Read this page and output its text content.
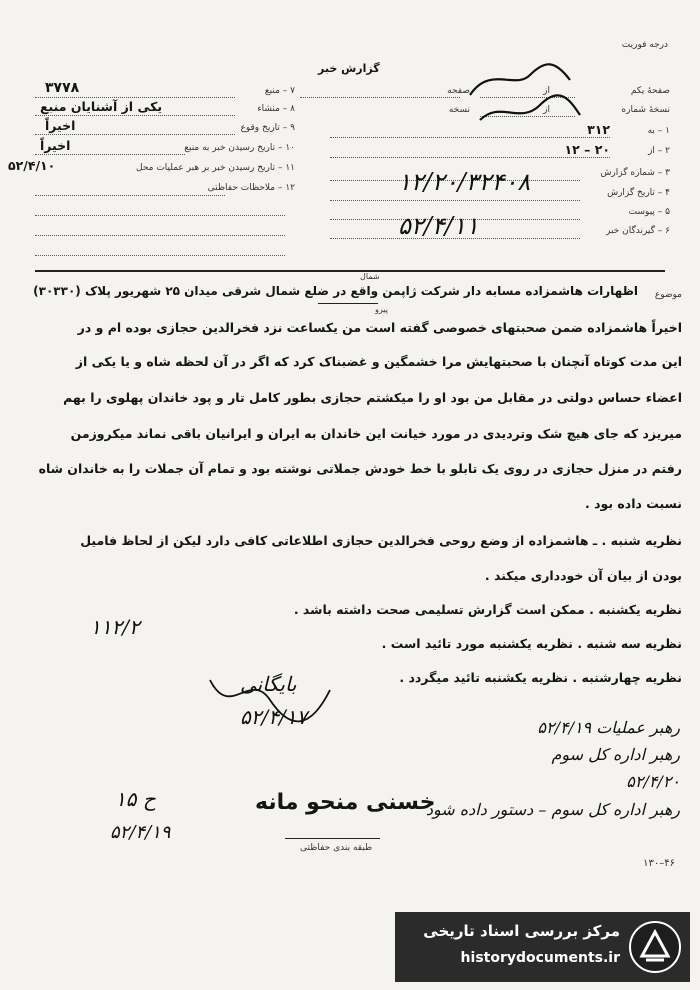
درجه فوریت
گزارش خبر
صفحهٔ یکم
از
صفحه
نسخهٔ شماره
از
نسخه
۱ – به
۳۱۲
۲ – از
۲۰ – ۱۲
۳ – شماره گزارش
۴ – تاریخ گزارش
۵ – پیوست
۶ – گیرندگان خبر
۷ – منبع
۳۷۷۸
۸ – منشاء
یکی از آشنایان منبع
۹ – تاریخ وقوع
اخیراً
۱۰ – تاریخ رسیدن خبر به منبع
اخیراً
۱۱ – تاریخ رسیدن خبر بر هبر عملیات محل
۵۲/۴/۱۰
۱۲ – ملاحظات حفاظتی	۱۲/۲۰/۳۲۴۰۸
۵۲/۴/۱۱
موضوع
اظهارات هاشمزاده مسابه دار شرکت ژاپمن واقع در ضلع شمال شرقی میدان ۲۵ شهریور پلاک (۳۰۳۳۰)
شمال
پیرو
اخیراً هاشمزاده ضمن صحبتهای خصوصی گفته است من یکساعت نزد فخرالدین حجازی بوده ام و در
این مدت کوتاه آنچنان با صحبتهایش مرا خشمگین و غضبناک کرد که اگر در آن لحظه شاه و یا یکی از
اعضاء حساس دولتی در مقابل من بود او را میکشتم حجازی بطور کامل تار و پود خاندان پهلوی را بهم
میریزد که جای هیچ شک وتردیدی در مورد خیانت این خاندان به ایران و ایرانیان باقی نماند میکروزمن
رفتم در منزل حجازی در روی یک تابلو با خط خودش جملاتی نوشته بود و تمام آن جملات را به خاندان شاه
نسبت داده بود .
نظریه شنبه . ـ هاشمزاده از وضع روحی فخرالدین حجازی اطلاعاتی کافی دارد لیکن از لحاظ فامیل
بودن از بیان آن خودداری میکند .
نظریه یکشنبه . ممکن است گزارش تسلیمی صحت داشته باشد .
نظریه سه شنبه . نظریه یکشنبه مورد تائید است .
نظریه چهارشنبه . نظریه یکشنبه تائید میگردد .
۱۱۲/۲
بایگانی
۵۲/۴/۱۷	رهبر عملیات ۵۲/۴/۱۹
رهبر اداره کل سوم
۵۲/۴/۲۰
رهبر اداره کل سوم – دستور داده شود
ح ۱۵
۵۲/۴/۱۹
خسنی منحو مانه
طبقه بندی حفاظتی
۴۶–۱۳۰
مرکز بررسی اسناد تاریخی
historydocuments.ir
